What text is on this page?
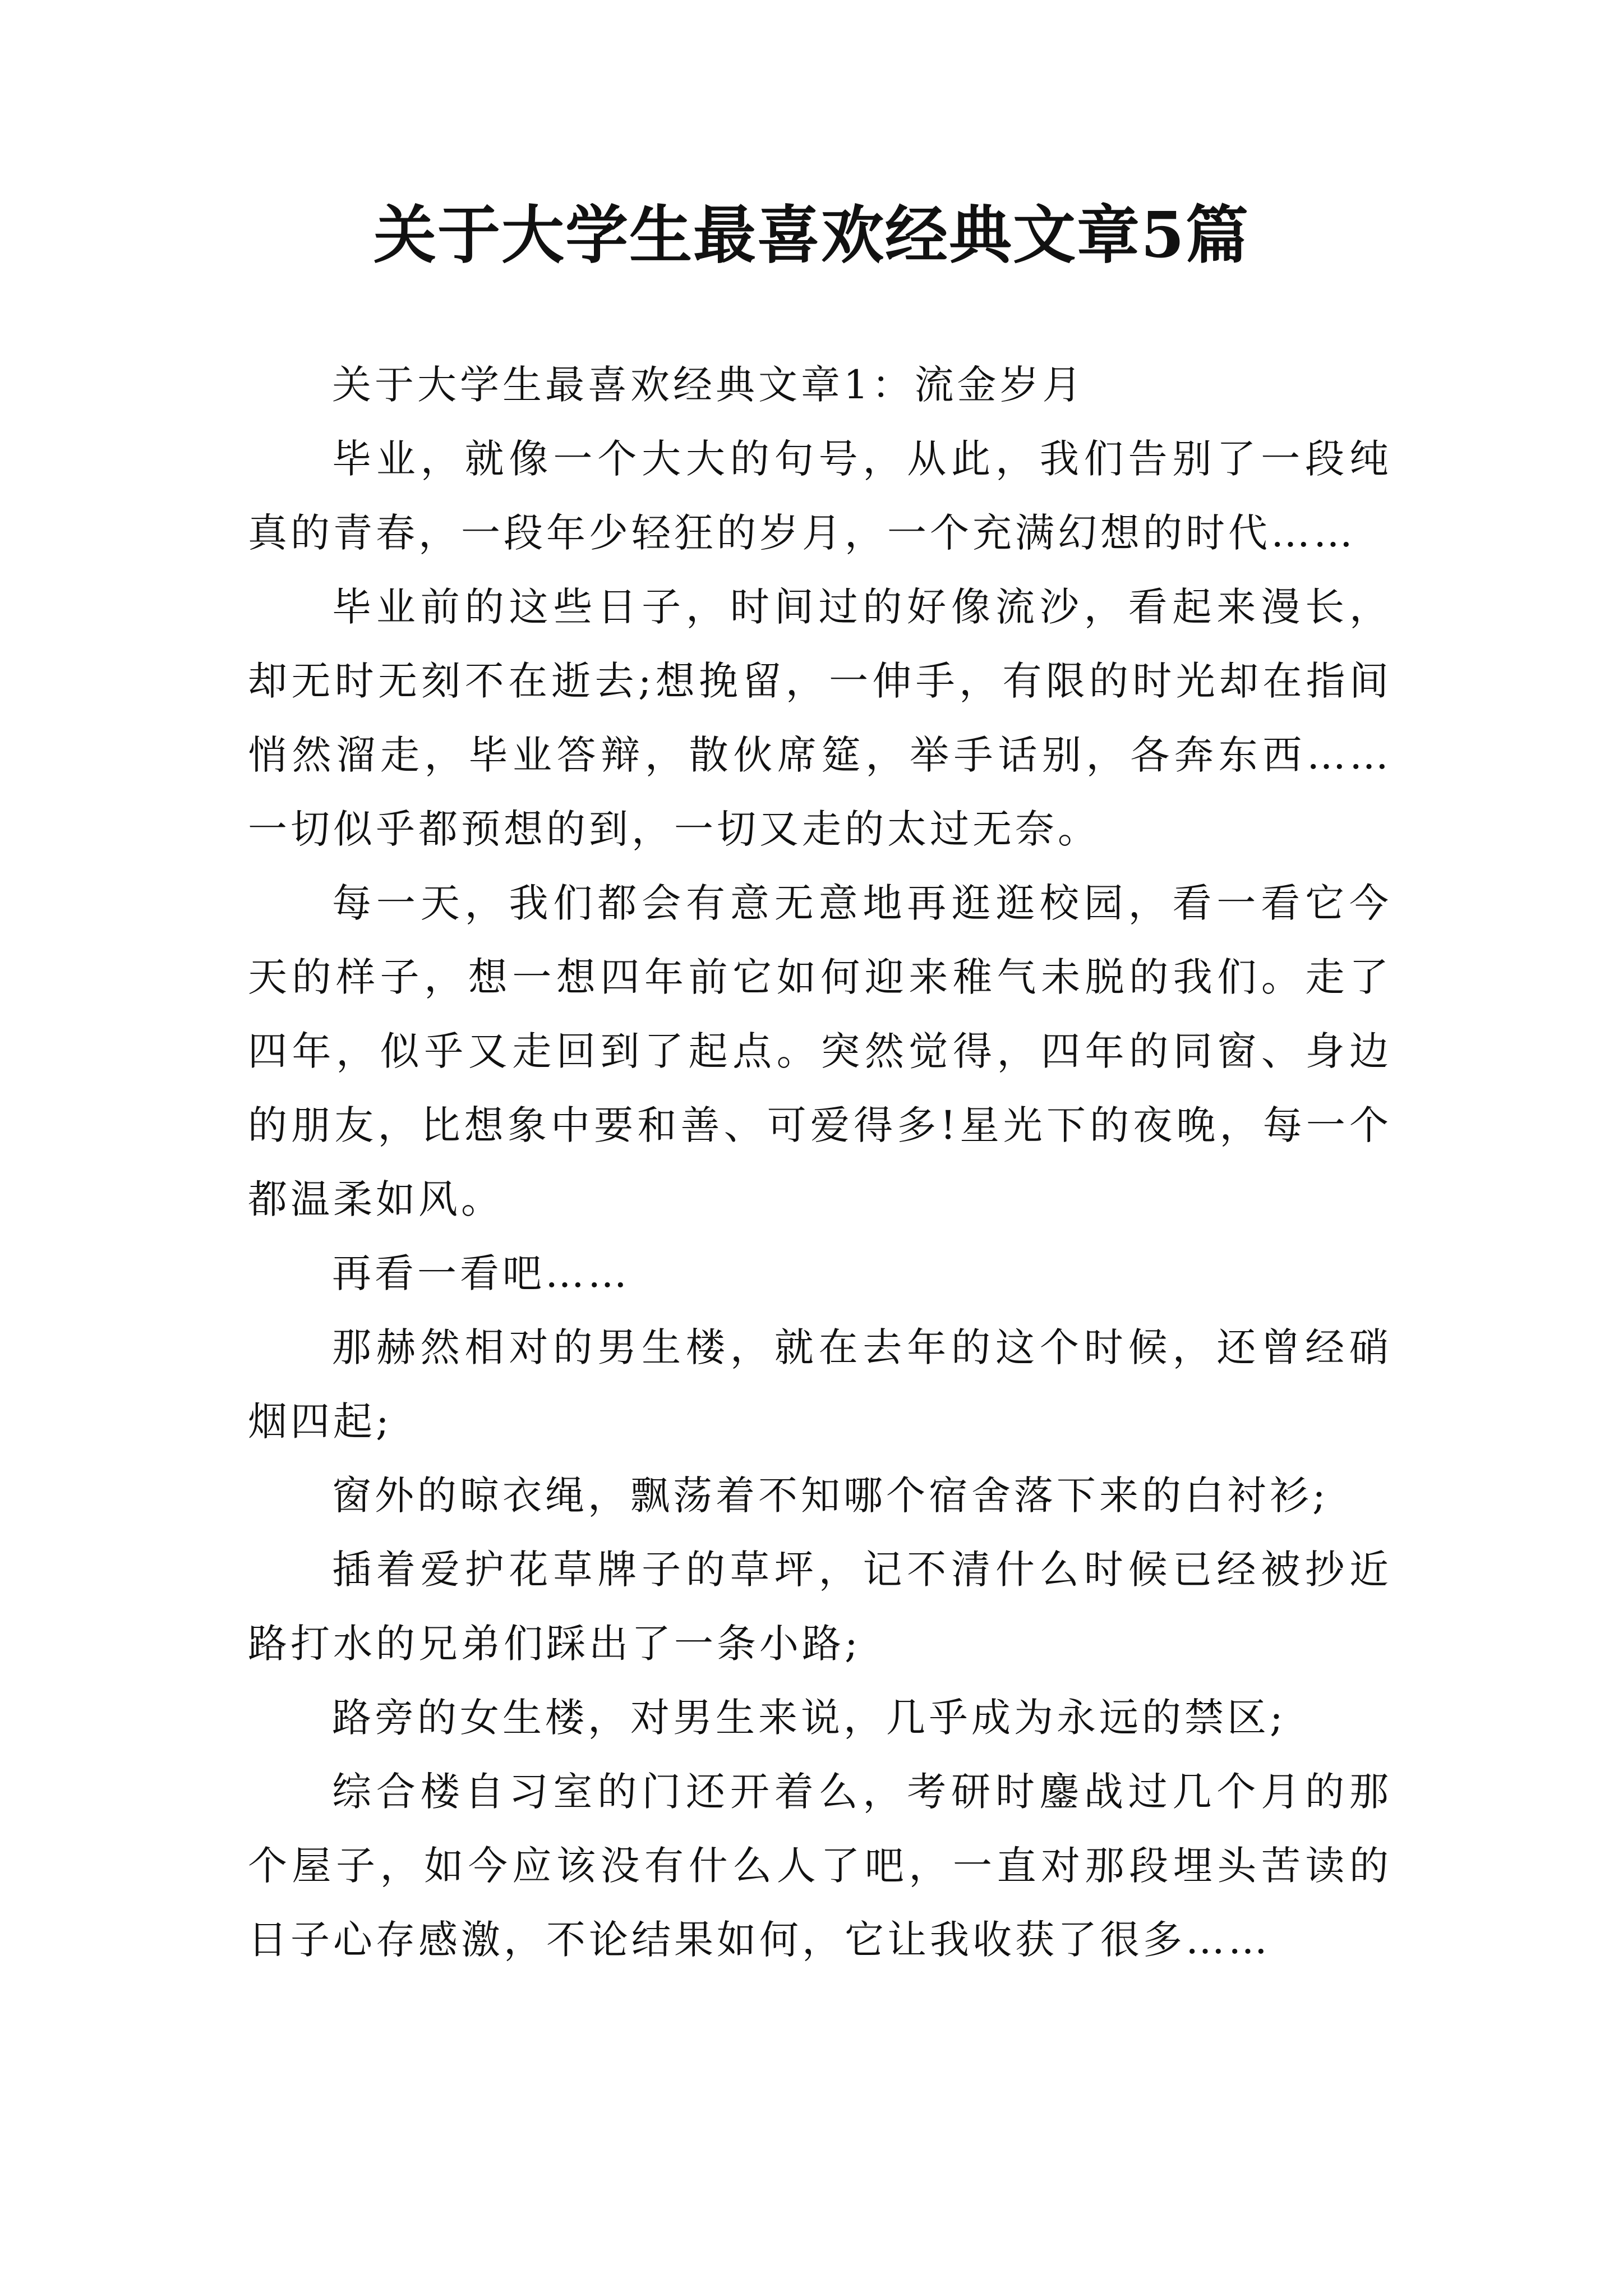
关于大学生最喜欢经典文章5篇

关于大学生最喜欢经典文章1：流金岁月

毕业，就像一个大大的句号，从此，我们告别了一段纯真的青春，一段年少轻狂的岁月，一个充满幻想的时代……

毕业前的这些日子，时间过的好像流沙，看起来漫长，却无时无刻不在逝去;想挽留，一伸手，有限的时光却在指间悄然溜走，毕业答辩，散伙席筵，举手话别，各奔东西……一切似乎都预想的到，一切又走的太过无奈。

每一天，我们都会有意无意地再逛逛校园，看一看它今天的样子，想一想四年前它如何迎来稚气未脱的我们。走了四年，似乎又走回到了起点。突然觉得，四年的同窗、身边的朋友，比想象中要和善、可爱得多!星光下的夜晚，每一个都温柔如风。

再看一看吧……

那赫然相对的男生楼，就在去年的这个时候，还曾经硝烟四起;

窗外的晾衣绳，飘荡着不知哪个宿舍落下来的白衬衫;

插着爱护花草牌子的草坪，记不清什么时候已经被抄近路打水的兄弟们踩出了一条小路;

路旁的女生楼，对男生来说，几乎成为永远的禁区;

综合楼自习室的门还开着么，考研时鏖战过几个月的那个屋子，如今应该没有什么人了吧，一直对那段埋头苦读的日子心存感激，不论结果如何，它让我收获了很多……
